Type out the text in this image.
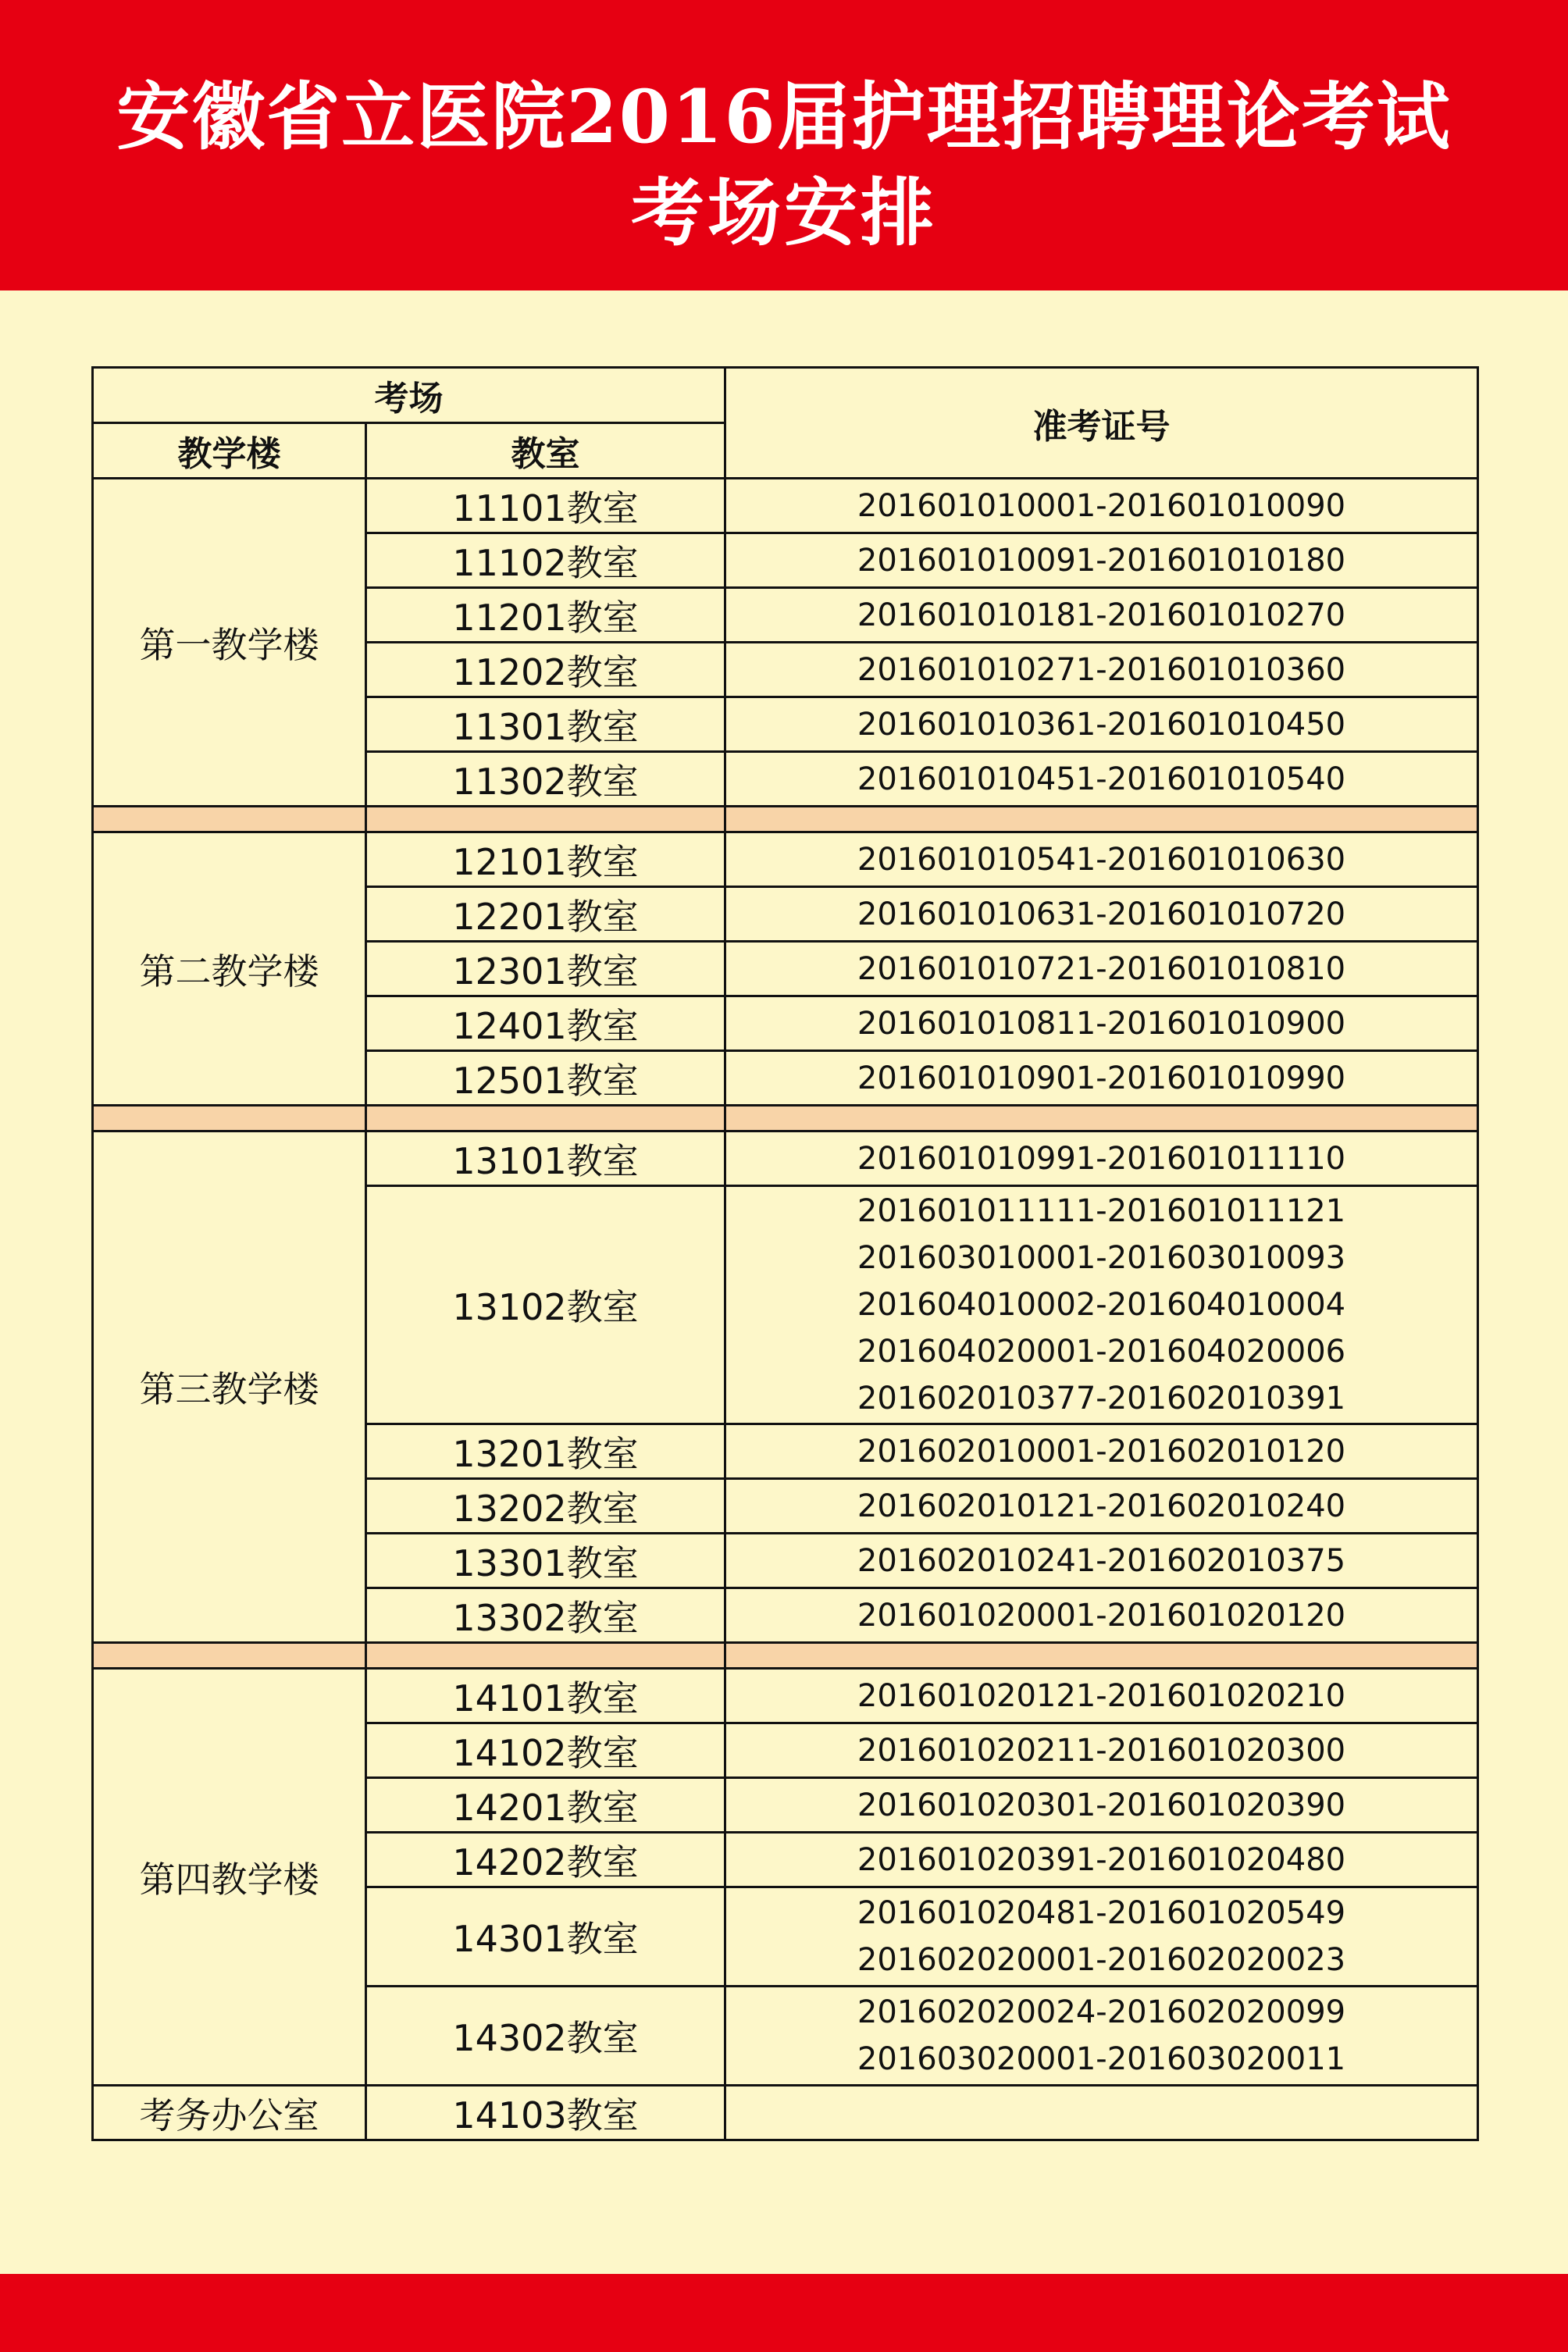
安徽省立医院2016届护理招聘理论考试
考场安排
考场		准考证号
教学楼	教室	
第一教学楼	11101教室	201601010001-201601010090

	11102教室	201601010091-201601010180

	11201教室	201601010181-201601010270

	11202教室	201601010271-201601010360

	11301教室	201601010361-201601010450

	11302教室	201601010451-201601010540

第二教学楼	12101教室	201601010541-201601010630

	12201教室	201601010631-201601010720

	12301教室	201601010721-201601010810

	12401教室	201601010811-201601010900

	12501教室	201601010901-201601010990

第三教学楼	13101教室	201601010991-201601011110

	13102教室	201601011111-201601011121
201603010001-201603010093
201604010002-201604010004
201604020001-201604020006
201602010377-201602010391

	13201教室	201602010001-201602010120

	13202教室	201602010121-201602010240

	13301教室	201602010241-201602010375

	13302教室	201601020001-201601020120

第四教学楼	14101教室	201601020121-201601020210

	14102教室	201601020211-201601020300

	14201教室	201601020301-201601020390

	14202教室	201601020391-201601020480

	14301教室	201601020481-201601020549
201602020001-201602020023

	14302教室	201602020024-201602020099
201603020001-201603020011

考务办公室	14103教室	
